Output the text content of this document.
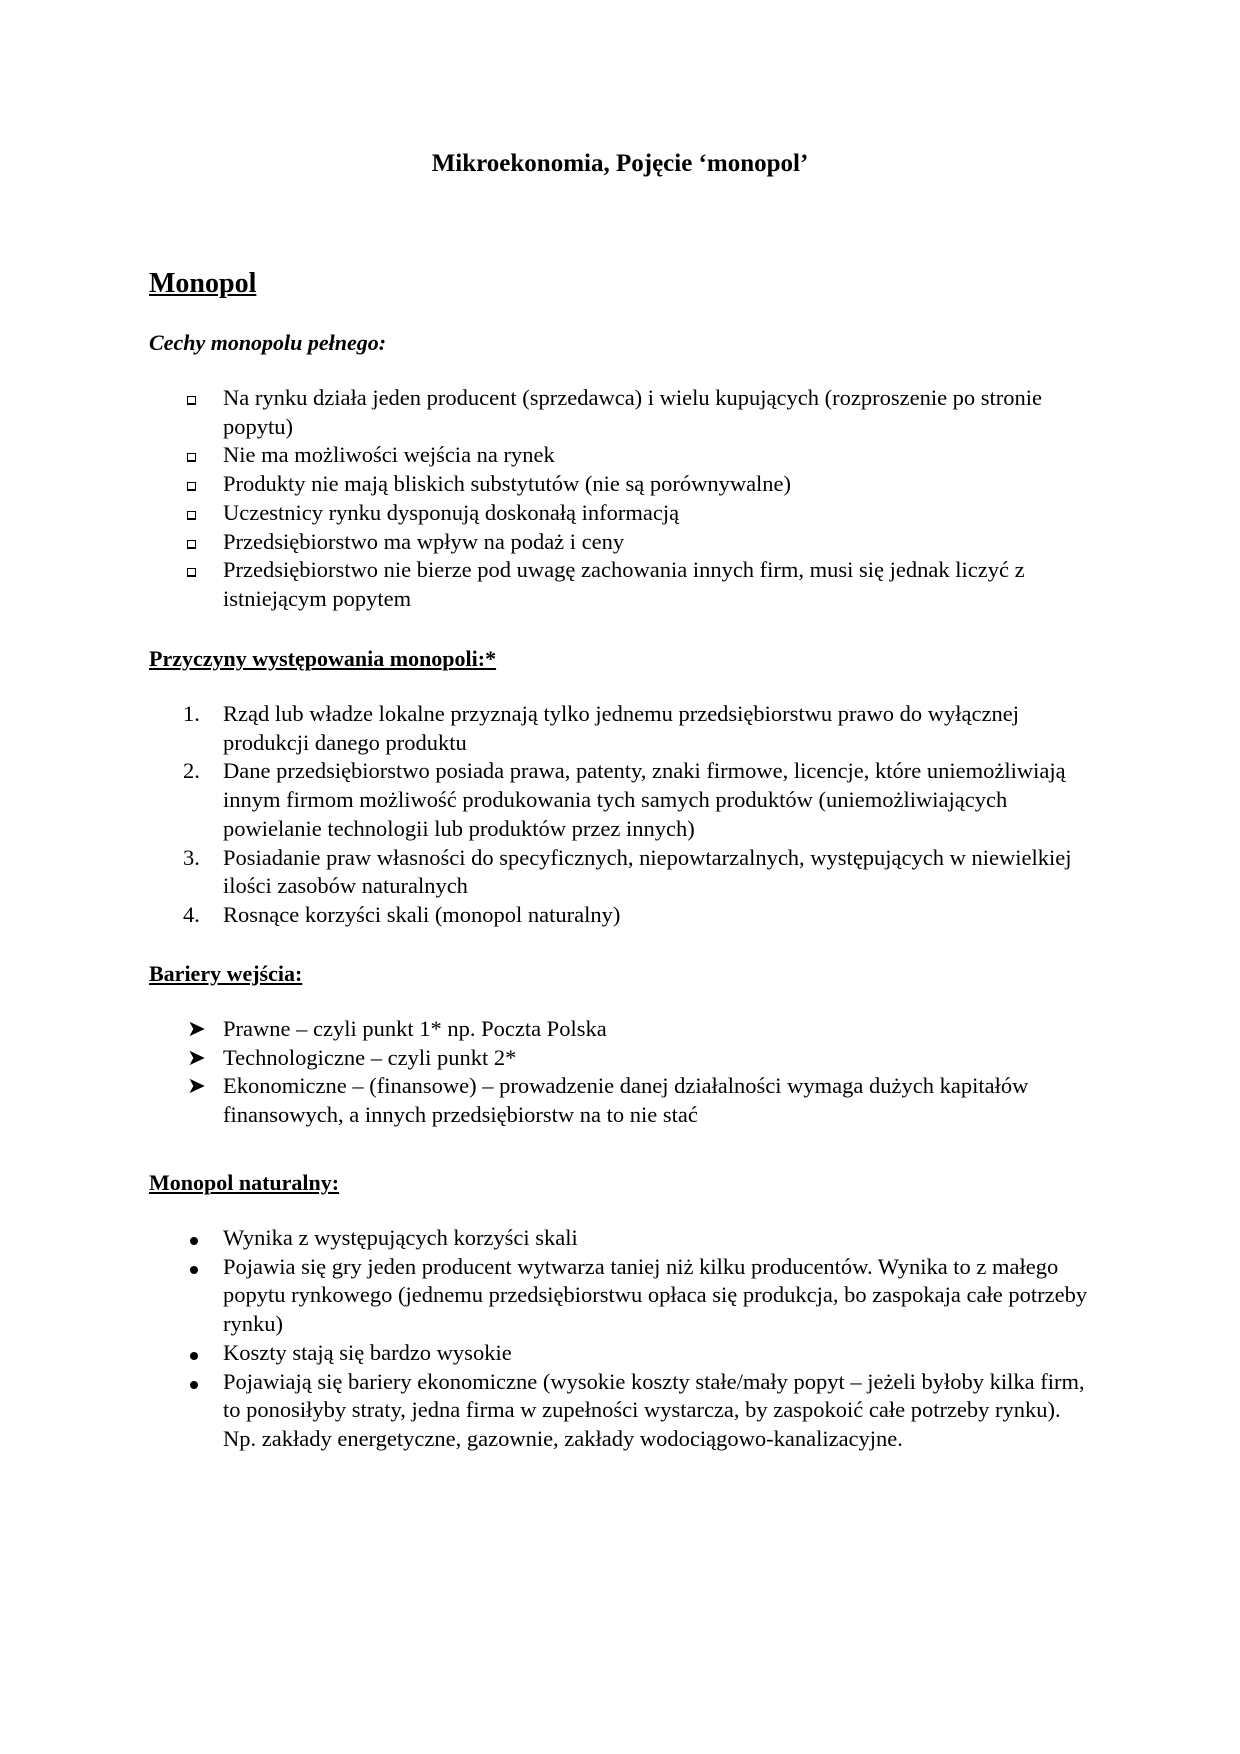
Mikroekonomia, Pojęcie ‘monopol’
Monopol

Cechy monopolu pełnego:

Na rynku działa jeden producent (sprzedawca) i wielu kupujących (rozproszenie po stronie popytu)
Nie ma możliwości wejścia na rynek
Produkty nie mają bliskich substytutów (nie są porównywalne)
Uczestnicy rynku dysponują doskonałą informacją
Przedsiębiorstwo ma wpływ na podaż i ceny
Przedsiębiorstwo nie bierze pod uwagę zachowania innych firm, musi się jednak liczyć z istniejącym popytem

Przyczyny występowania monopoli:*

1.	Rząd lub władze lokalne przyznają tylko jednemu przedsiębiorstwu prawo do wyłącznej produkcji danego produktu
2.	Dane przedsiębiorstwo posiada prawa, patenty, znaki firmowe, licencje, które uniemożliwiają innym firmom możliwość produkowania tych samych produktów (uniemożliwiających powielanie technologii lub produktów przez innych)
3.	Posiadanie praw własności do specyficznych, niepowtarzalnych, występujących w niewielkiej ilości zasobów naturalnych
4.	Rosnące korzyści skali (monopol naturalny)

Bariery wejścia:

➤ Prawne – czyli punkt 1* np. Poczta Polska
➤ Technologiczne – czyli punkt 2*
➤ Ekonomiczne – (finansowe) – prowadzenie danej działalności wymaga dużych kapitałów finansowych, a innych przedsiębiorstw na to nie stać

Monopol naturalny:

Wynika z występujących korzyści skali
Pojawia się gry jeden producent wytwarza taniej niż kilku producentów. Wynika to z małego popytu rynkowego (jednemu przedsiębiorstwu opłaca się produkcja, bo zaspokaja całe potrzeby rynku)
Koszty stają się bardzo wysokie
Pojawiają się bariery ekonomiczne (wysokie koszty stałe/mały popyt – jeżeli byłoby kilka firm, to ponosiłyby straty, jedna firma w zupełności wystarcza, by zaspokoić całe potrzeby rynku). Np. zakłady energetyczne, gazownie, zakłady wodociągowo-kanalizacyjne.
